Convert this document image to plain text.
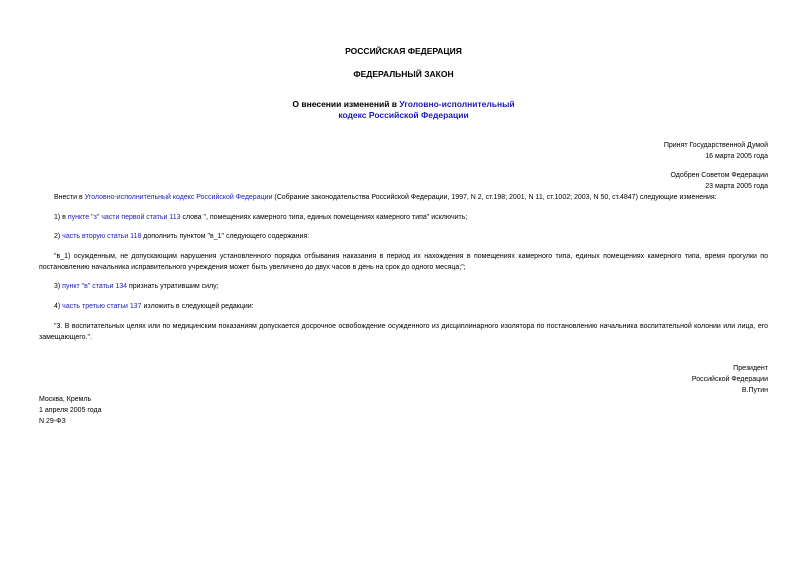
РОССИЙСКАЯ ФЕДЕРАЦИЯ
ФЕДЕРАЛЬНЫЙ ЗАКОН
О внесении изменений в Уголовно-исполнительный
кодекс Российской Федерации
Принят Государственной Думой
16 марта 2005 года
Одобрен Советом Федерации
23 марта 2005 года
Внести в Уголовно-исполнительный кодекс Российской Федерации (Собрание законодательства Российской Федерации, 1997, N 2, ст.198; 2001, N 11, ст.1002; 2003, N 50, ст.4847) следующие изменения:
1) в пункте "з" части первой статьи 113 слова ", помещениях камерного типа, единых помещениях камерного типа" исключить;
2) часть вторую статьи 118 дополнить пунктом "в_1" следующего содержания:
"в_1) осужденным, не допускающим нарушения установленного порядка отбывания наказания в период их нахождения в помещениях камерного типа, единых помещениях камерного типа, время прогулки по постановлению начальника исправительного учреждения может быть увеличено до двух часов в день на срок до одного месяца;";
3) пункт "в" статьи 134 признать утратившим силу;
4) часть третью статьи 137 изложить в следующей редакции:
"3. В воспитательных целях или по медицинским показаниям допускается досрочное освобождение осужденного из дисциплинарного изолятора по постановлению начальника воспитательной колонии или лица, его замещающего.".
Президент
Российской Федерации
В.Путин
Москва, Кремль
1 апреля 2005 года
N 29-ФЗ
